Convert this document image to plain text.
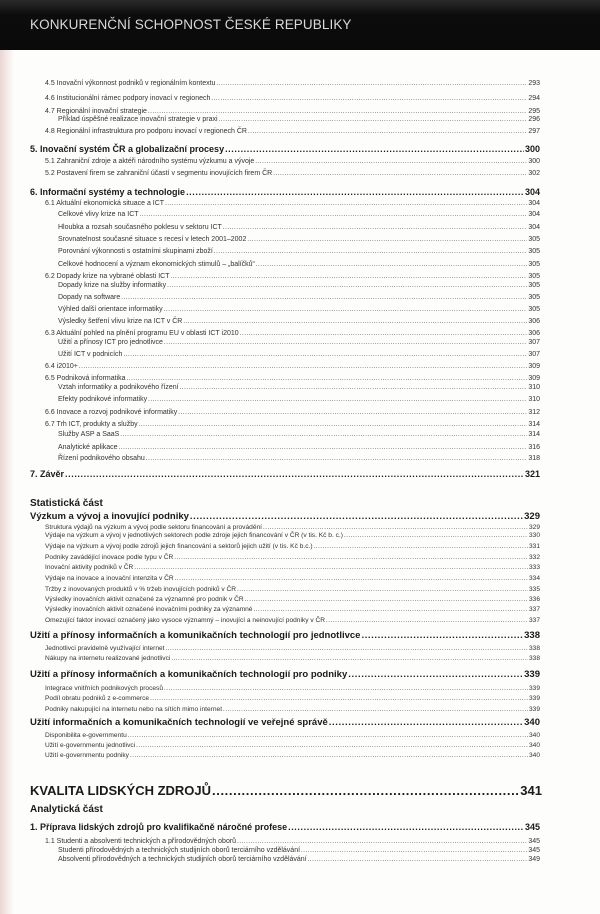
KONKURENČNÍ SCHOPNOST ČESKÉ REPUBLIKY
4.5 Inovační výkonnost podniků v regionálním kontextu .....	293
4.6 Institucionální rámec podpory inovací v regionech .....	294
4.7 Regionální inovační strategie .....	295
Příklad úspěšné realizace inovační strategie v praxi .....	296
4.8 Regionální infrastruktura pro podporu inovací v regionech ČR .....	297
5. Inovační systém ČR a globalizační procesy .....	300
5.1 Zahraniční zdroje a aktéři národního systému výzkumu a vývoje .....	300
5.2 Postavení firem se zahraniční účastí v segmentu inovujících firem ČR .....	302
6. Informační systémy a technologie .....	304
6.1 Aktuální ekonomická situace a ICT .....	304
Celkové vlivy krize na ICT .....	304
Hloubka a rozsah současného poklesu v sektoru ICT .....	304
Srovnatelnost současné situace s recesí v letech 2001–2002 .....	305
Porovnání výkonnosti s ostatními skupinami zboží .....	305
Celkové hodnocení a význam ekonomických stimulů – „balíčků“ .....	305
6.2 Dopady krize na vybrané oblasti ICT .....	305
Dopady krize na služby informatiky .....	305
Dopady na software .....	305
Výhled další orientace informatiky .....	305
Výsledky šetření vlivu krize na ICT v ČR .....	306
6.3 Aktuální pohled na plnění programu EU v oblasti ICT i2010 .....	306
Užití a přínosy ICT pro jednotlivce .....	307
Užití ICT v podnicích .....	307
6.4 i2010+ .....	309
6.5 Podniková informatika .....	309
Vztah informatiky a podnikového řízení .....	310
Efekty podnikové informatiky .....	310
6.6 Inovace a rozvoj podnikové informatiky .....	312
6.7 Trh ICT, produkty a služby .....	314
Služby ASP a SaaS .....	314
Analytické aplikace .....	316
Řízení podnikového obsahu .....	318
7. Závěr .....	321
Statistická část
Výzkum a vývoj a inovující podniky .....	329
Struktura výdajů na výzkum a vývoj podle sektoru financování a provádění .....	329
Výdaje na výzkum a vývoj v jednotlivých sektorech podle zdroje jejich financování v ČR (v tis. Kč b. c.) .....	330
Výdaje na výzkum a vývoj podle zdrojů jejich financování a sektorů jejich užití (v tis. Kč b.c.) .....	331
Podniky zavádějící inovace podle typu v ČR .....	332
Inovační aktivity podniků v ČR .....	333
Výdaje na inovace a inovační intenzita v ČR .....	334
Tržby z inovovaných produktů v % tržeb inovujících podniků v ČR .....	335
Výsledky inovačních aktivit označené za významné pro podnik v ČR .....	336
Výsledky inovačních aktivit označené inovačními podniky za významné .....	337
Omezující faktor inovací označený jako vysoce významný – inovující a neinovující podniky v ČR .....	337
Užití a přínosy informačních a komunikačních technologií pro jednotlivce .....	338
Jednotlivci pravidelně využívající internet .....	338
Nákupy na internetu realizované jednotlivci .....	338
Užití a přínosy informačních a komunikačních technologií pro podniky .....	339
Integrace vnitřních podnikových procesů .....	339
Podíl obratu podniků z e-commerce .....	339
Podniky nakupující na internetu nebo na sítích mimo internet .....	339
Užití informačních a komunikačních technologií ve veřejné správě .....	340
Disponibilita e-governmentu .....	340
Užití e-governmentu jednotlivci .....	340
Užití e-governmentu podniky .....	340
KVALITA LIDSKÝCH ZDROJŮ .....	341
Analytická část
1. Příprava lidských zdrojů pro kvalifikačně náročné profese .....	345
1.1 Studenti a absolventi technických a přírodovědných oborů .....	345
Studenti přírodovědných a technických studijních oborů terciárního vzdělávání .....	345
Absolventi přírodovědných a technických studijních oborů terciárního vzdělávání .....	349
